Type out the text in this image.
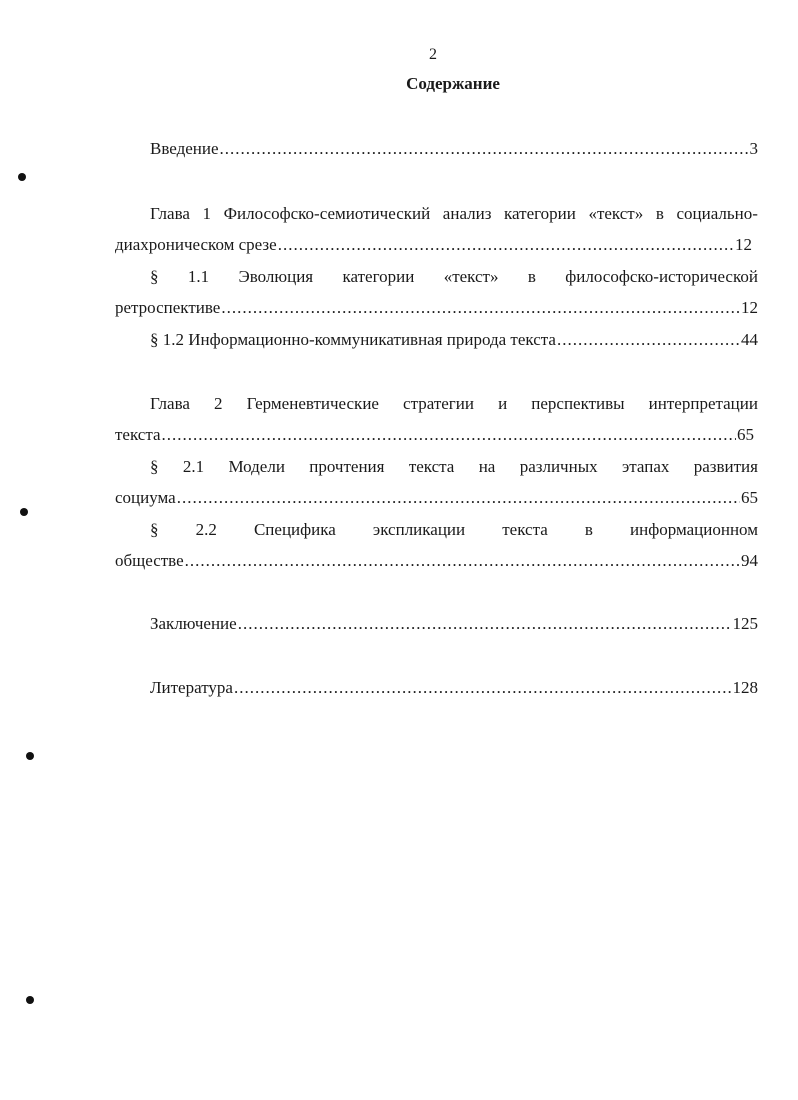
2
Содержание
Введение .....	3
Глава 1 Философско-семиотический анализ категории «текст» в социально-
диахроническом срезе .....	12
§ 1.1 Эволюция категории «текст» в философско-исторической
ретроспективе .....	12
§ 1.2 Информационно-коммуникативная природа текста .....	44
Глава 2 Герменевтические стратегии и перспективы интерпретации
текста .....	65
§ 2.1 Модели прочтения текста на различных этапах развития
социума .....	65
§ 2.2 Специфика экспликации текста в информационном
обществе .....	94
Заключение .....	125
Литература .....	128
